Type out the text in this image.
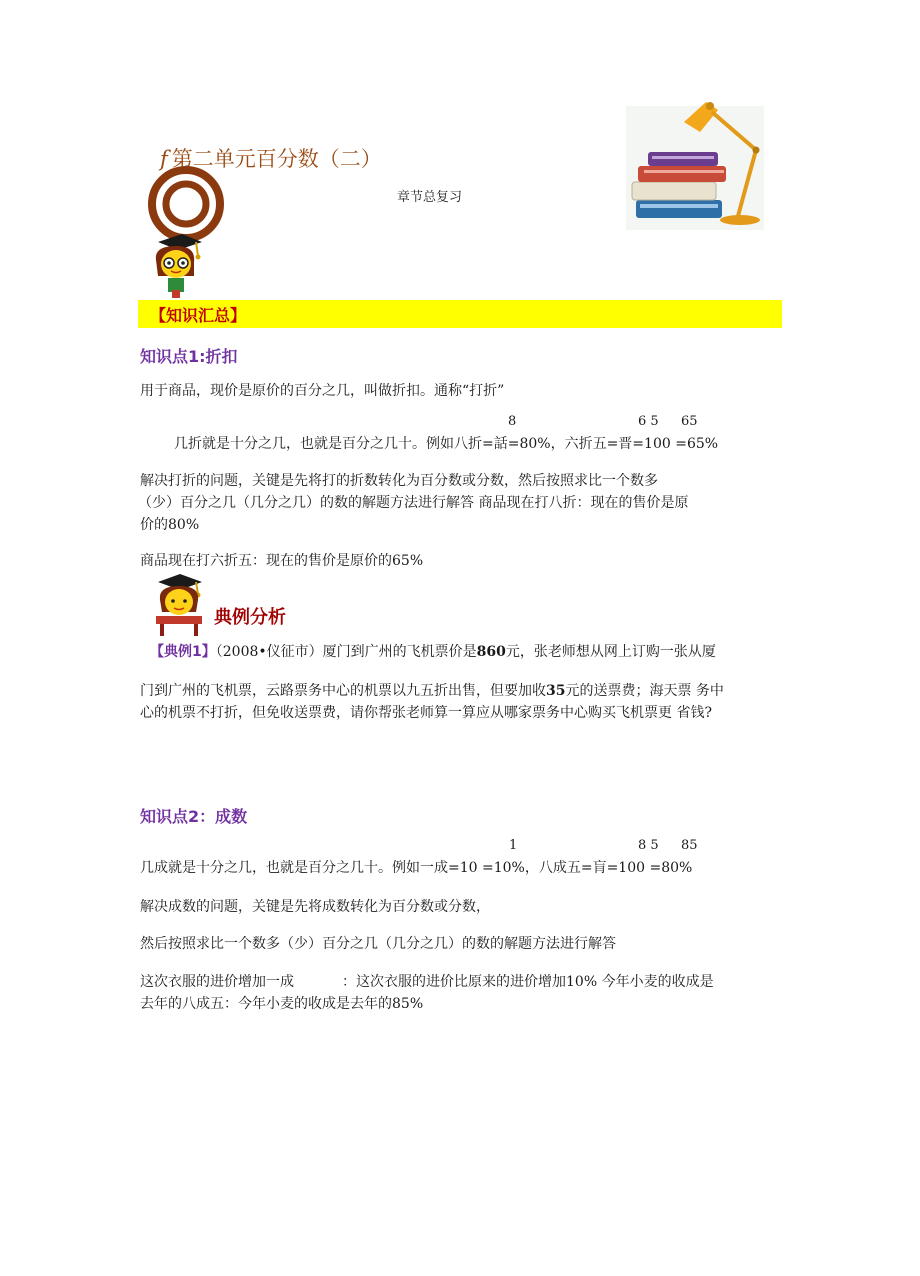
f 第二单元百分数（二）
章节总复习
【知识汇总】
知识点1:折扣
用于商品，现价是原价的百分之几，叫做折扣。通称“打折”
8	6 5 65
几折就是十分之几，也就是百分之几十。例如八折=話=80%，六折五=晋=100 =65%
解决打折的问题，关键是先将打的折数转化为百分数或分数，然后按照求比一个数多
（少）百分之几（几分之几）的数的解题方法进行解答 商品现在打八折：现在的售价是原
价的80%
商品现在打六折五：现在的售价是原价的65%
典例分析
【典例1】（2008•仪征市）厦门到广州的飞机票价是860元，张老师想从网上订购一张从厦
门到广州的飞机票，云路票务中心的机票以九五折出售，但要加收35元的送票费；海天票 务中
心的机票不打折，但免收送票费，请你帮张老师算一算应从哪家票务中心购买飞机票更 省钱?
知识点2：成数
1	8 5 85
几成就是十分之几，也就是百分之几十。例如一成=10 =10%，八成五=肓=100 =80%
解决成数的问题，关键是先将成数转化为百分数或分数，
然后按照求比一个数多（少）百分之几（几分之几）的数的解题方法进行解答
这次衣服的进价增加一成	：这次衣服的进价比原来的进价增加10% 今年小麦的收成是
去年的八成五：今年小麦的收成是去年的85%
